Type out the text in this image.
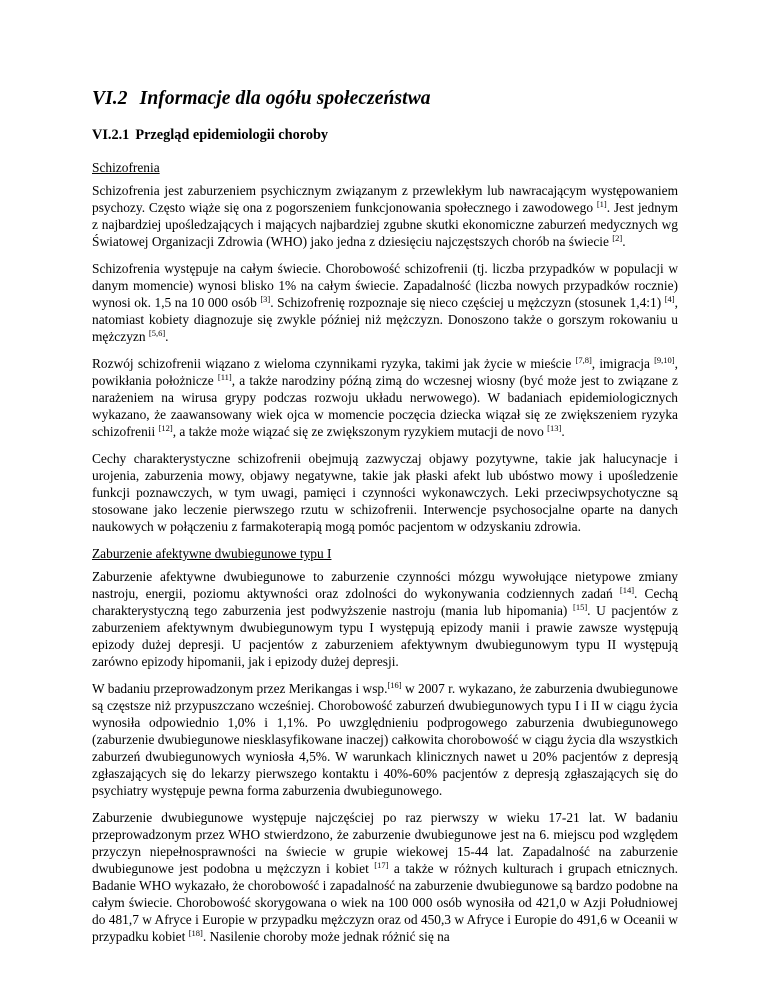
VI.2 Informacje dla ogółu społeczeństwa
VI.2.1 Przegląd epidemiologii choroby
Schizofrenia

Schizofrenia jest zaburzeniem psychicznym związanym z przewlekłym lub nawracającym występowaniem psychozy. Często wiąże się ona z pogorszeniem funkcjonowania społecznego i zawodowego [1]. Jest jednym z najbardziej upośledzających i mających najbardziej zgubne skutki ekonomiczne zaburzeń medycznych wg Światowej Organizacji Zdrowia (WHO) jako jedna z dziesięciu najczęstszych chorób na świecie [2].

Schizofrenia występuje na całym świecie. Chorobowość schizofrenii (tj. liczba przypadków w populacji w danym momencie) wynosi blisko 1% na całym świecie. Zapadalność (liczba nowych przypadków rocznie) wynosi ok. 1,5 na 10 000 osób [3]. Schizofrenię rozpoznaje się nieco częściej u mężczyzn (stosunek 1,4:1) [4], natomiast kobiety diagnozuje się zwykle później niż mężczyzn. Donoszono także o gorszym rokowaniu u mężczyzn [5,6].

Rozwój schizofrenii wiązano z wieloma czynnikami ryzyka, takimi jak życie w mieście [7,8], imigracja [9,10], powikłania położnicze [11], a także narodziny późną zimą do wczesnej wiosny (być może jest to związane z narażeniem na wirusa grypy podczas rozwoju układu nerwowego). W badaniach epidemiologicznych wykazano, że zaawansowany wiek ojca w momencie poczęcia dziecka wiązał się ze zwiększeniem ryzyka schizofrenii [12], a także może wiązać się ze zwiększonym ryzykiem mutacji de novo [13].

Cechy charakterystyczne schizofrenii obejmują zazwyczaj objawy pozytywne, takie jak halucynacje i urojenia, zaburzenia mowy, objawy negatywne, takie jak płaski afekt lub ubóstwo mowy i upośledzenie funkcji poznawczych, w tym uwagi, pamięci i czynności wykonawczych. Leki przeciwpsychotyczne są stosowane jako leczenie pierwszego rzutu w schizofrenii. Interwencje psychosocjalne oparte na danych naukowych w połączeniu z farmakoterapią mogą pomóc pacjentom w odzyskaniu zdrowia.

Zaburzenie afektywne dwubiegunowe typu I

Zaburzenie afektywne dwubiegunowe to zaburzenie czynności mózgu wywołujące nietypowe zmiany nastroju, energii, poziomu aktywności oraz zdolności do wykonywania codziennych zadań [14]. Cechą charakterystyczną tego zaburzenia jest podwyższenie nastroju (mania lub hipomania) [15]. U pacjentów z zaburzeniem afektywnym dwubiegunowym typu I występują epizody manii i prawie zawsze występują epizody dużej depresji. U pacjentów z zaburzeniem afektywnym dwubiegunowym typu II występują zarówno epizody hipomanii, jak i epizody dużej depresji.

W badaniu przeprowadzonym przez Merikangas i wsp.[16] w 2007 r. wykazano, że zaburzenia dwubiegunowe są częstsze niż przypuszczano wcześniej. Chorobowość zaburzeń dwubiegunowych typu I i II w ciągu życia wynosiła odpowiednio 1,0% i 1,1%. Po uwzględnieniu podprogowego zaburzenia dwubiegunowego (zaburzenie dwubiegunowe niesklasyfikowane inaczej) całkowita chorobowość w ciągu życia dla wszystkich zaburzeń dwubiegunowych wyniosła 4,5%. W warunkach klinicznych nawet u 20% pacjentów z depresją zgłaszających się do lekarzy pierwszego kontaktu i 40%-60% pacjentów z depresją zgłaszających się do psychiatry występuje pewna forma zaburzenia dwubiegunowego.

Zaburzenie dwubiegunowe występuje najczęściej po raz pierwszy w wieku 17-21 lat. W badaniu przeprowadzonym przez WHO stwierdzono, że zaburzenie dwubiegunowe jest na 6. miejscu pod względem przyczyn niepełnosprawności na świecie w grupie wiekowej 15-44 lat. Zapadalność na zaburzenie dwubiegunowe jest podobna u mężczyzn i kobiet [17] a także w różnych kulturach i grupach etnicznych. Badanie WHO wykazało, że chorobowość i zapadalność na zaburzenie dwubiegunowe są bardzo podobne na całym świecie. Chorobowość skorygowana o wiek na 100 000 osób wynosiła od 421,0 w Azji Południowej do 481,7 w Afryce i Europie w przypadku mężczyzn oraz od 450,3 w Afryce i Europie do 491,6 w Oceanii w przypadku kobiet [18]. Nasilenie choroby może jednak różnić się na
